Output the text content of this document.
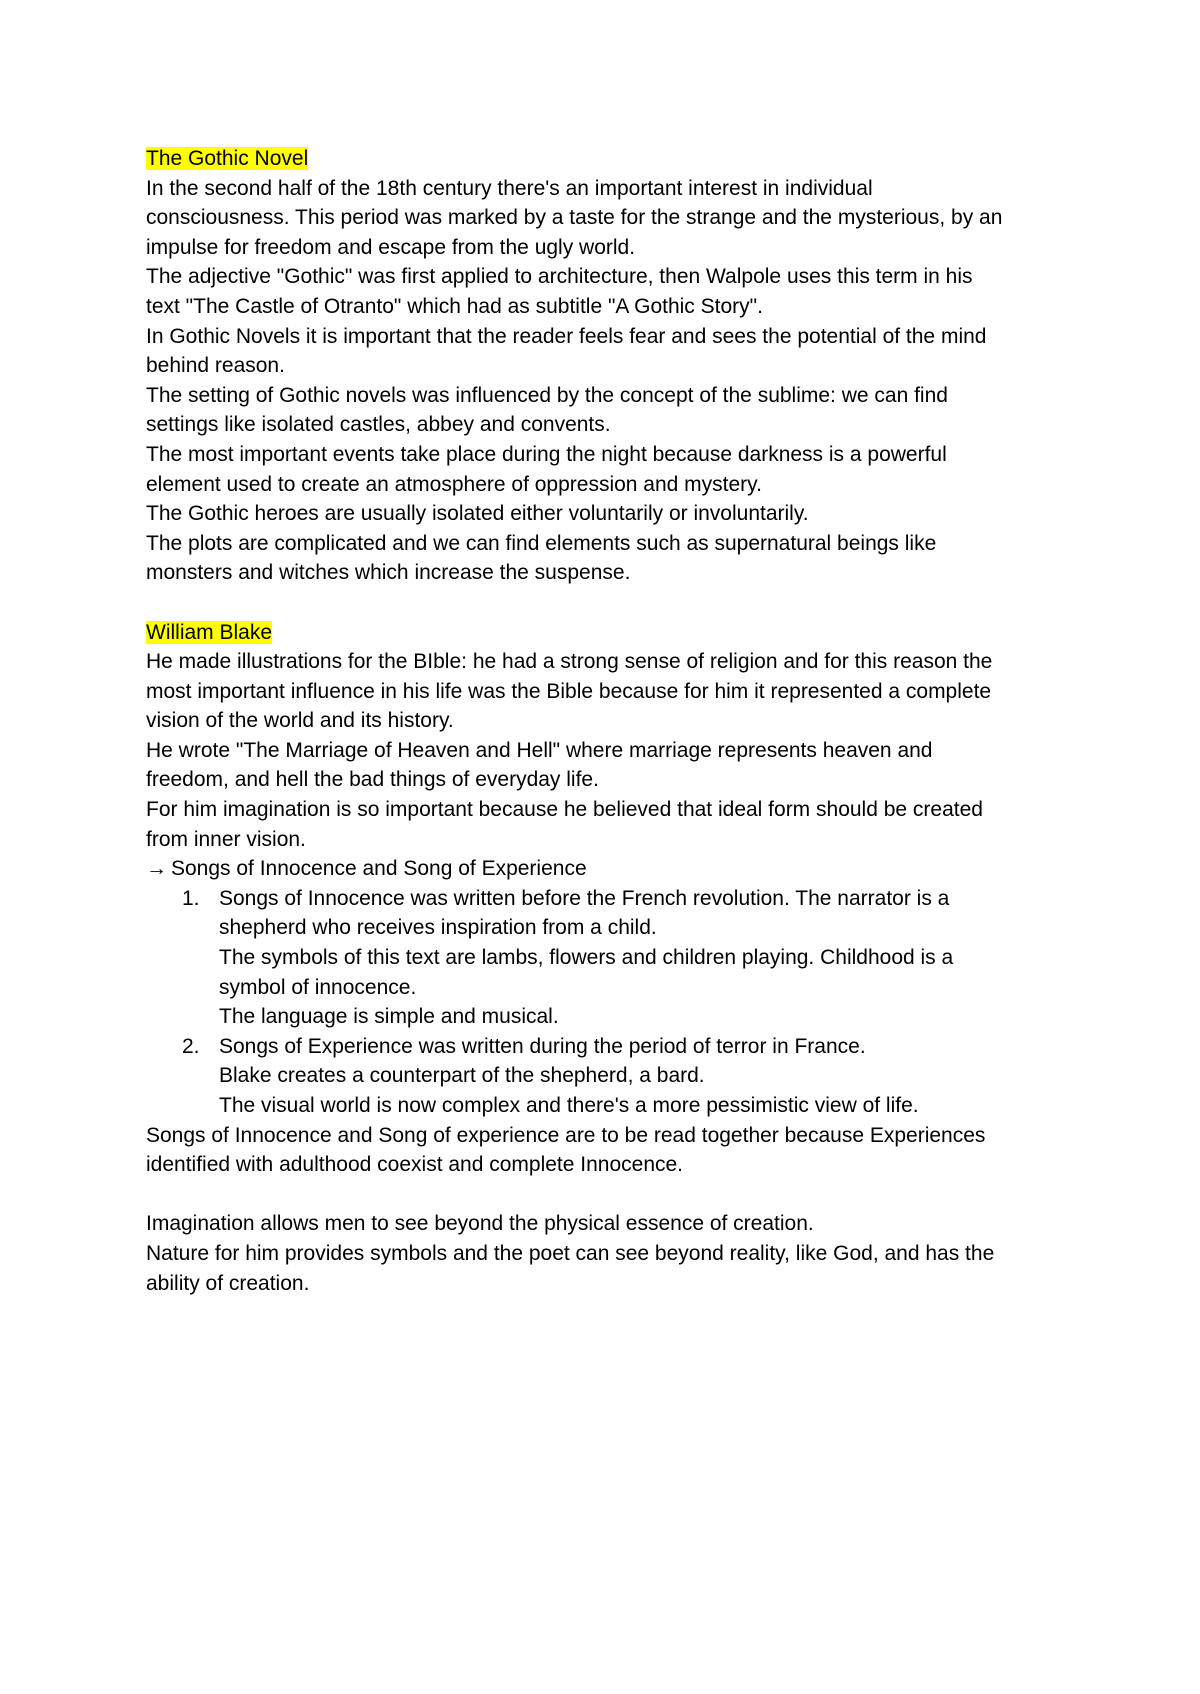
The Gothic Novel
In the second half of the 18th century there's an important interest in individual
consciousness. This period was marked by a taste for the strange and the mysterious, by an
impulse for freedom and escape from the ugly world.
The adjective "Gothic" was first applied to architecture, then Walpole uses this term in his
text "The Castle of Otranto" which had as subtitle "A Gothic Story".
In Gothic Novels it is important that the reader feels fear and sees the potential of the mind
behind reason.
The setting of Gothic novels was influenced by the concept of the sublime: we can find
settings like isolated castles, abbey and convents.
The most important events take place during the night because darkness is a powerful
element used to create an atmosphere of oppression and mystery.
The Gothic heroes are usually isolated either voluntarily or involuntarily.
The plots are complicated and we can find elements such as supernatural beings like
monsters and witches which increase the suspense.
William Blake
He made illustrations for the BIble: he had a strong sense of religion and for this reason the
most important influence in his life was the Bible because for him it represented a complete
vision of the world and its history.
He wrote "The Marriage of Heaven and Hell" where marriage represents heaven and
freedom, and hell the bad things of everyday life.
For him imagination is so important because he believed that ideal form should be created
from inner vision.
→ Songs of Innocence and Song of Experience
1. Songs of Innocence was written before the French revolution. The narrator is a
shepherd who receives inspiration from a child.
The symbols of this text are lambs, flowers and children playing. Childhood is a
symbol of innocence.
The language is simple and musical.
2. Songs of Experience was written during the period of terror in France.
Blake creates a counterpart of the shepherd, a bard.
The visual world is now complex and there's a more pessimistic view of life.
Songs of Innocence and Song of experience are to be read together because Experiences
identified with adulthood coexist and complete Innocence.
Imagination allows men to see beyond the physical essence of creation.
Nature for him provides symbols and the poet can see beyond reality, like God, and has the
ability of creation.
